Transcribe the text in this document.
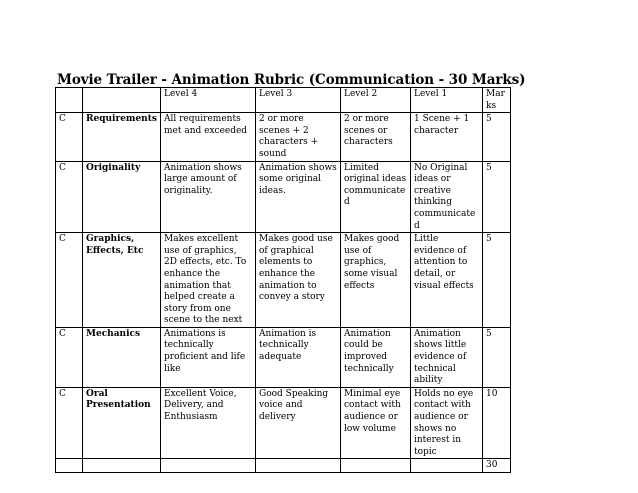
Movie Trailer - Animation Rubric (Communication - 30 Marks)
		Level 4	Level 3	Level 2	Level 1	Marks
C	Requirements	All requirements met and exceeded	2 or more scenes + 2 characters + sound	2 or more scenes or characters	1 Scene + 1 character	5
C	Originality	Animation shows large amount of originality.	Animation shows some original ideas.	Limited original ideas communicated	No Original ideas or creative thinking communicated	5
C	Graphics, Effects, Etc	Makes excellent use of graphics, 2D effects, etc. To enhance the animation that helped create a story from one scene to the next	Makes good use of graphical elements to enhance the animation to convey a story	Makes good use of graphics, some visual effects	Little evidence of attention to detail, or visual effects	5
C	Mechanics	Animations is technically proficient and life like	Animation is technically adequate	Animation could be improved technically	Animation shows little evidence of technical ability	5
C	Oral Presentation	Excellent Voice, Delivery, and Enthusiasm	Good Speaking voice and delivery	Minimal eye contact with audience or low volume	Holds no eye contact with audience or shows no interest in topic	10
						30
